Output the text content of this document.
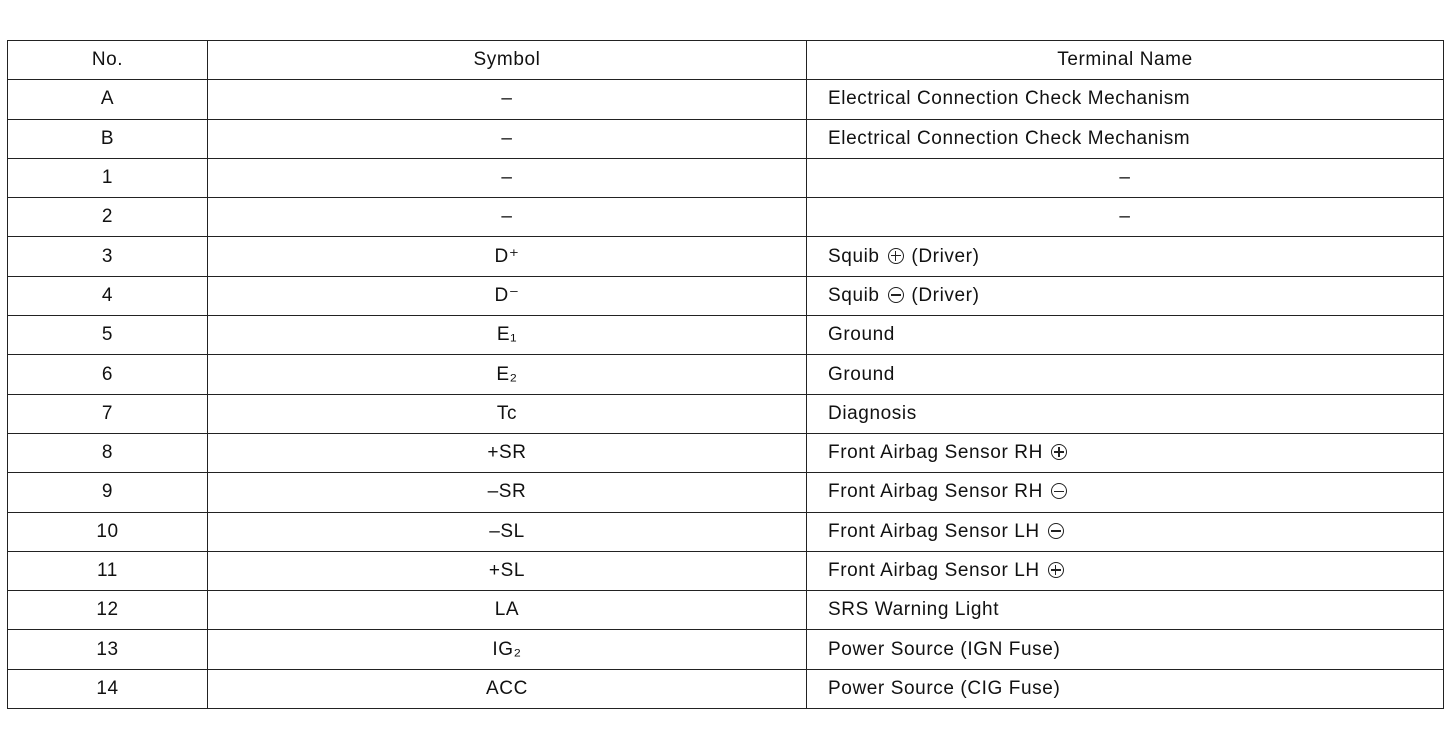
No.	Symbol	Terminal Name
A	–	Electrical Connection Check Mechanism
B	–	Electrical Connection Check Mechanism
1	–	–
2	–	–
3	D⁺	Squib (Driver)
4	D⁻	Squib (Driver)
5	E₁	Ground
6	E₂	Ground
7	Tc	Diagnosis
8	+SR	Front Airbag Sensor RH
9	–SR	Front Airbag Sensor RH
10	–SL	Front Airbag Sensor LH
11	+SL	Front Airbag Sensor LH
12	LA	SRS Warning Light
13	IG₂	Power Source (IGN Fuse)
14	ACC	Power Source (CIG Fuse)
